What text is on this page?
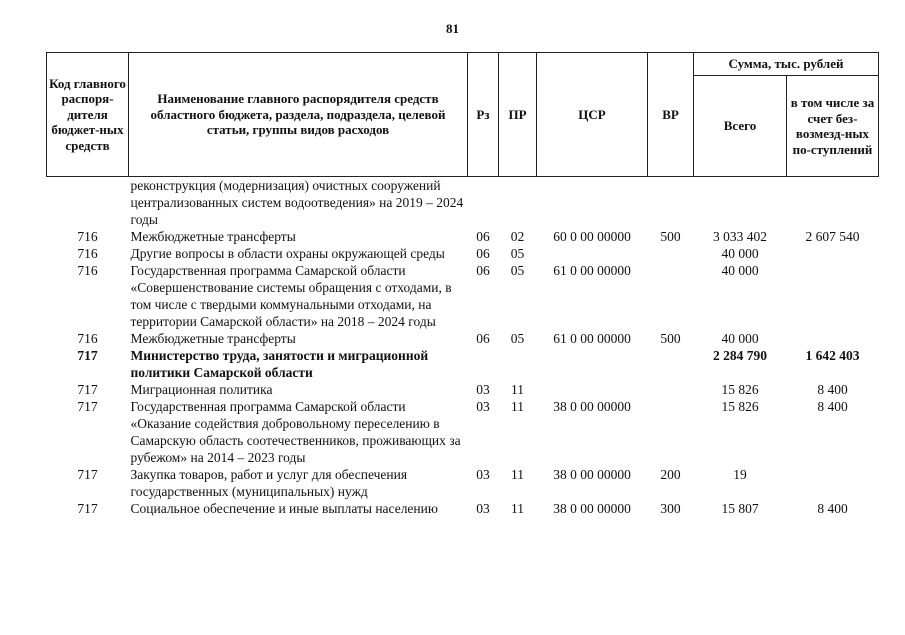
81
Код главного распоря-дителя бюджет-ных средств	Наименование главного распорядителя средств областного бюджета, раздела, подраздела, целевой статьи, группы видов расходов	Рз	ПР	ЦСР	ВР	Сумма, тыс. рублей	
						Всего	в том числе за счет без-возмезд-ных по-ступлений
	реконструкция (модернизация) очистных сооружений централизованных систем водоотведения» на 2019 – 2024 годы						
716	Межбюджетные трансферты	06	02	60 0 00 00000	500	3 033 402	2 607 540
716	Другие вопросы в области охраны окружающей среды	06	05			40 000	
716	Государственная программа Самарской области «Совершенствование системы обращения с отходами, в том числе с твердыми коммунальными отходами, на территории Самарской области» на 2018 – 2024 годы	06	05	61 0 00 00000		40 000	
716	Межбюджетные трансферты	06	05	61 0 00 00000	500	40 000	
717	Министерство труда, занятости и миграционной политики Самарской области					2 284 790	1 642 403
717	Миграционная политика	03	11			15 826	8 400
717	Государственная программа Самарской области «Оказание содействия добровольному переселению в Самарскую область соотечественников, проживающих за рубежом» на 2014 – 2023 годы	03	11	38 0 00 00000		15 826	8 400
717	Закупка товаров, работ и услуг для обеспечения государственных (муниципальных) нужд	03	11	38 0 00 00000	200	19	
717	Социальное обеспечение и иные выплаты населению	03	11	38 0 00 00000	300	15 807	8 400
